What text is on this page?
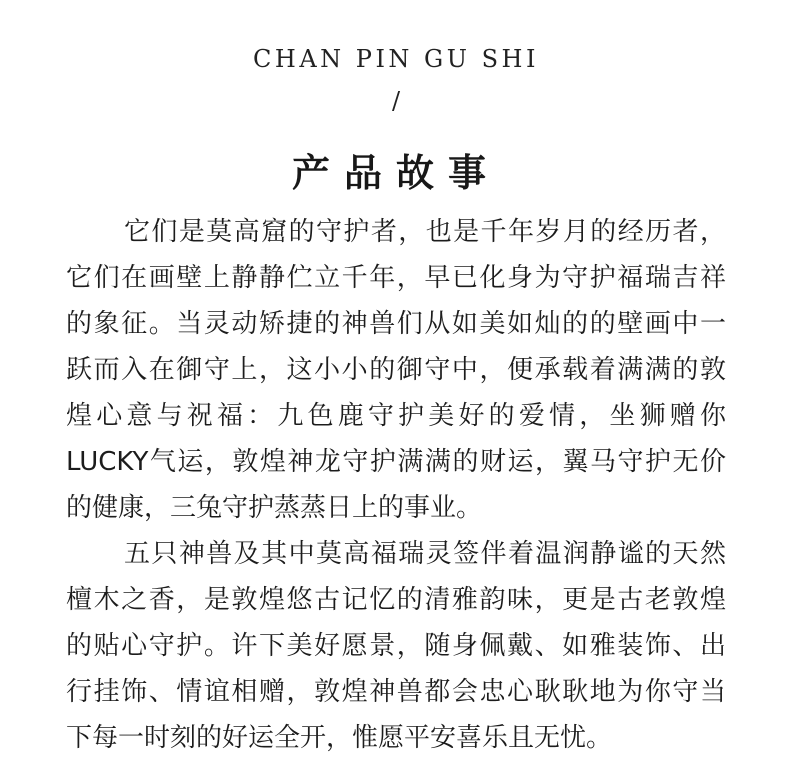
CHAN PIN GU SHI
/
产品故事
它们是莫高窟的守护者，也是千年岁月的经历者，
它们在画壁上静静伫立千年，早已化身为守护福瑞吉祥
的象征。当灵动矫捷的神兽们从如美如灿的的壁画中一
跃而入在御守上，这小小的御守中，便承载着满满的敦
煌心意与祝福：九色鹿守护美好的爱情，坐狮赠你
LUCKY气运，敦煌神龙守护满满的财运，翼马守护无价
的健康，三兔守护蒸蒸日上的事业。
五只神兽及其中莫高福瑞灵签伴着温润静谧的天然
檀木之香，是敦煌悠古记忆的清雅韵味，更是古老敦煌
的贴心守护。许下美好愿景，随身佩戴、如雅装饰、出
行挂饰、情谊相赠，敦煌神兽都会忠心耿耿地为你守当
下每一时刻的好运全开，惟愿平安喜乐且无忧。
